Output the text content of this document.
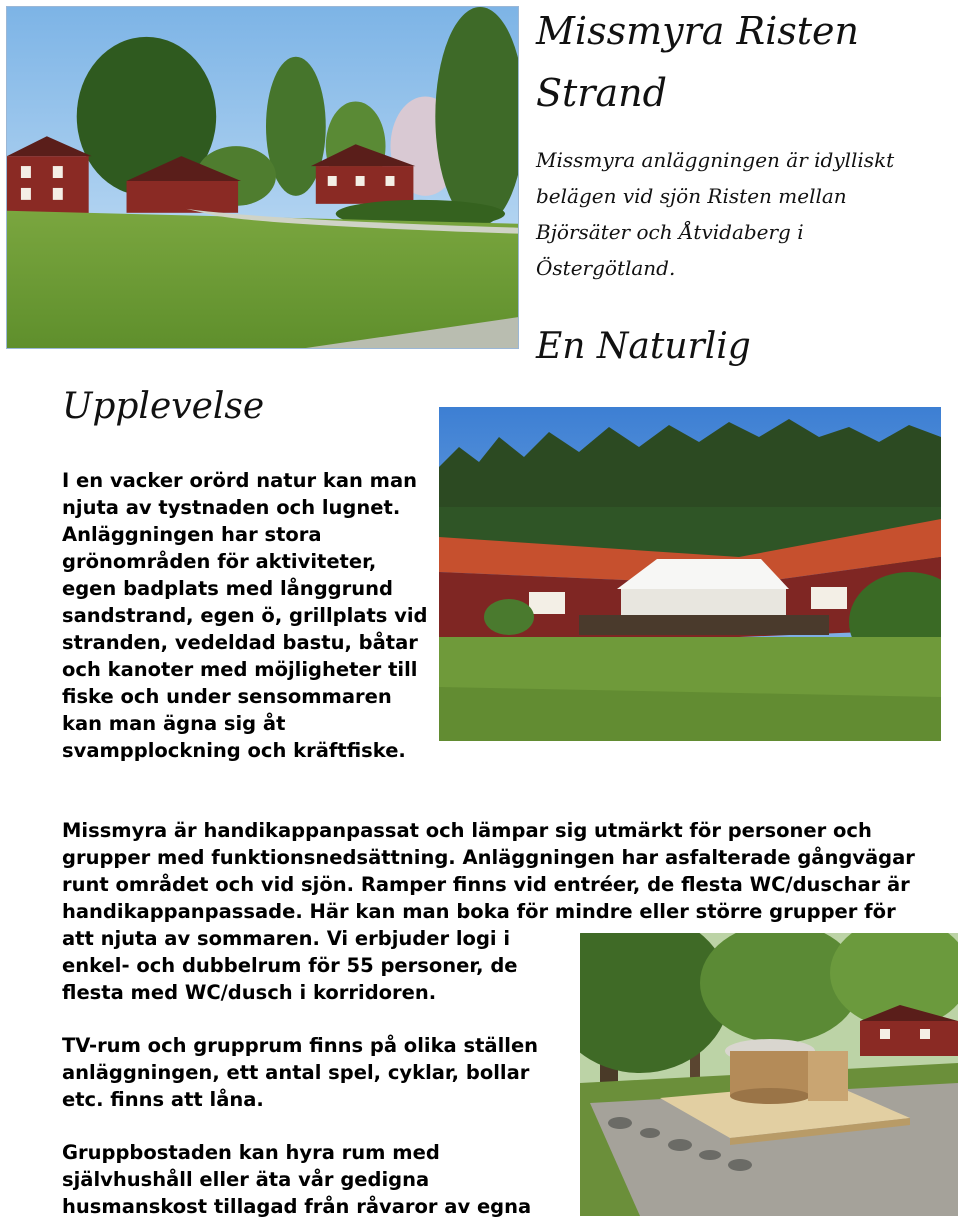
Missmyra Risten Strand

Missmyra anläggningen är idylliskt belägen vid sjön Risten mellan Björsäter och Åtvidaberg i Östergötland.

En Naturlig
Upplevelse

I en vacker orörd natur kan man njuta av tystnaden och lugnet. Anläggningen har stora grönområden för aktiviteter, egen badplats med långgrund sandstrand, egen ö, grillplats vid stranden, vedeldad bastu, båtar och kanoter med möjligheter till fiske och under sensommaren kan man ägna sig åt svampplockning och kräftfiske.

Missmyra är handikappanpassat och lämpar sig utmärkt för personer och grupper med funktionsnedsättning. Anläggningen har asfalterade gångvägar runt området och vid sjön. Ramper finns vid entréer, de flesta WC/duschar är handikappanpassade. Här kan man boka för mindre eller större grupper för

att njuta av sommaren. Vi erbjuder logi i enkel- och dubbelrum för 55 personer, de flesta med WC/dusch i korridoren.

TV-rum och grupprum finns på olika ställen anläggningen, ett antal spel, cyklar, bollar etc. finns att låna.

Gruppbostaden kan hyra rum med självhushåll eller äta vår gedigna husmanskost tillagad från råvaror av egna
